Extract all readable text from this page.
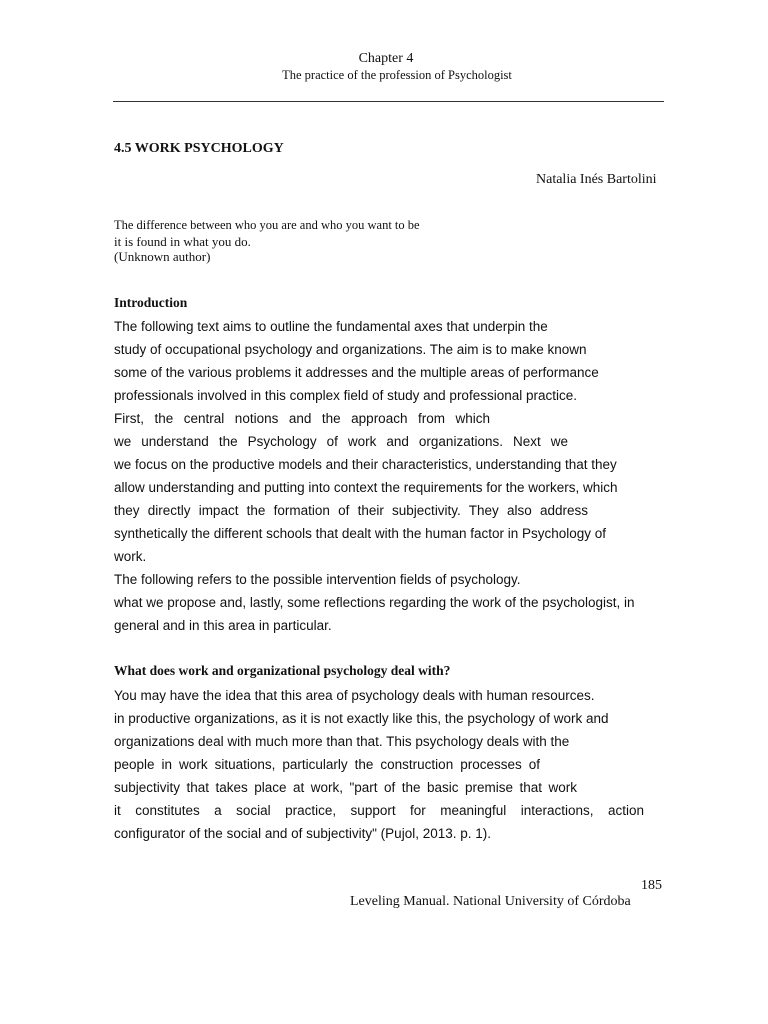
Chapter 4
The practice of the profession of Psychologist
4.5 WORK PSYCHOLOGY
Natalia Inés Bartolini
The difference between who you are and who you want to be
it is found in what you do.
(Unknown author)
Introduction
The following text aims to outline the fundamental axes that underpin the
study of occupational psychology and organizations. The aim is to make known
some of the various problems it addresses and the multiple areas of performance
professionals involved in this complex field of study and professional practice.
First, the central notions and the approach from which
we understand the Psychology of work and organizations. Next we
we focus on the productive models and their characteristics, understanding that they
allow understanding and putting into context the requirements for the workers, which
they directly impact the formation of their subjectivity. They also address
synthetically the different schools that dealt with the human factor in Psychology of
work.
The following refers to the possible intervention fields of psychology.
what we propose and, lastly, some reflections regarding the work of the psychologist, in
general and in this area in particular.
What does work and organizational psychology deal with?
You may have the idea that this area of psychology deals with human resources.
in productive organizations, as it is not exactly like this, the psychology of work and
organizations deal with much more than that. This psychology deals with the
people in work situations, particularly the construction processes of
subjectivity that takes place at work, "part of the basic premise that work
it constitutes a social practice, support for meaningful interactions, action
configurator of the social and of subjectivity" (Pujol, 2013. p. 1).
185
Leveling Manual. National University of Córdoba
